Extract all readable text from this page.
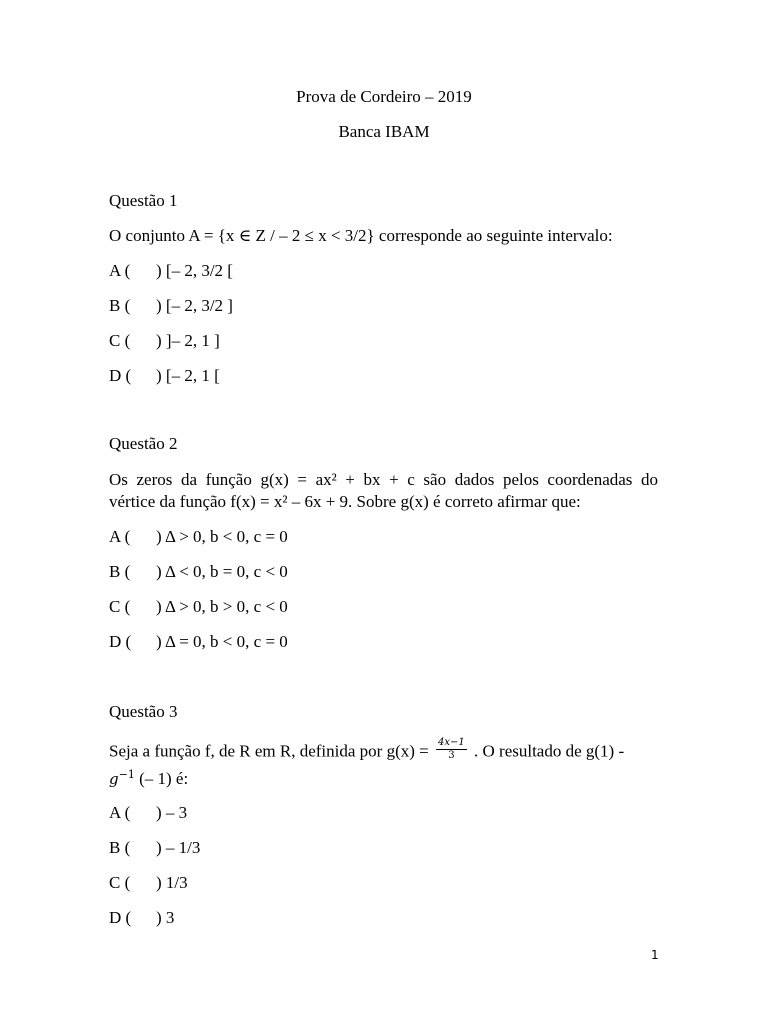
Prova de Cordeiro – 2019
Banca IBAM
Questão 1
O conjunto A = {x ∈ Z / – 2 ≤ x < 3/2} corresponde ao seguinte intervalo:
A ( ) [– 2, 3/2 [
B ( ) [– 2, 3/2 ]
C ( ) ]– 2, 1 ]
D ( ) [– 2, 1 [
Questão 2
Os zeros da função g(x) = ax² + bx + c são dados pelos coordenadas do
vértice da função f(x) = x² – 6x + 9. Sobre g(x) é correto afirmar que:
A ( ) Δ > 0, b < 0, c = 0
B ( ) Δ < 0, b = 0, c < 0
C ( ) Δ > 0, b > 0, c < 0
D ( ) Δ = 0, b < 0, c = 0
Questão 3
Seja a função f, de R em R, definida por $g(x) = \frac{4x-1}{3}$ . O resultado de g(1) -
$g^{-1}$ (– 1) é:
A ( ) – 3
B ( ) – 1/3
C ( ) 1/3
D ( ) 3
1
